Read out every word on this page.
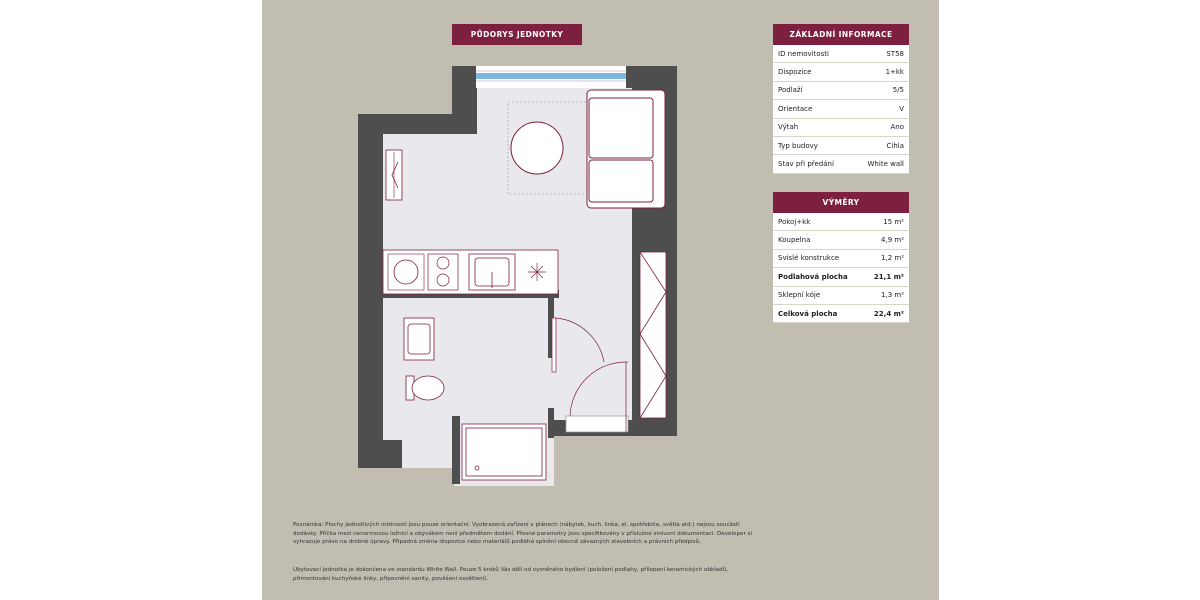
PŮDORYS JEDNOTKY	ZÁKLADNÍ INFORMACE
ID nemovitosti	ST58
Dispozice	1+kk
Podlaží	5/5
Orientace	V
Výtah	Ano
Typ budovy	Cihla
Stav při předání	White wall
VÝMĚRY
Pokoj+kk	15 m²
Koupelna	4,9 m²
Svislé konstrukce	1,2 m²
Podlahová plocha	21,1 m²
Sklepní kóje	1,3 m²
Celková plocha	22,4 m²
Poznámka: Plochy jednotlivých místností jsou pouze orientační. Vyobrazená zařízení v plánech (nábytek, kuch. linka, el. spotřebiče, světla atd.) nejsou součástí dodávky. Příčka mezi nenormovou ložnicí a obývákem není předmětem dodání. Přesné parametry jsou specifikovány v příslušné smluvní dokumentaci. Developer si vyhrazuje právo na drobné úpravy. Případná změna dispozice nebo materiálů podléhá splnění obecně závazných stavebních a právních předpisů.
Ubytovací jednotka je dokončena ve standardu White Wall. Pouze 5 kroků Vás dělí od vysněného bydlení (položení podlahy, přilepení keramických obkladů, přimontování kuchyňské linky, připevnění sanity, pověšení osvětlení).
